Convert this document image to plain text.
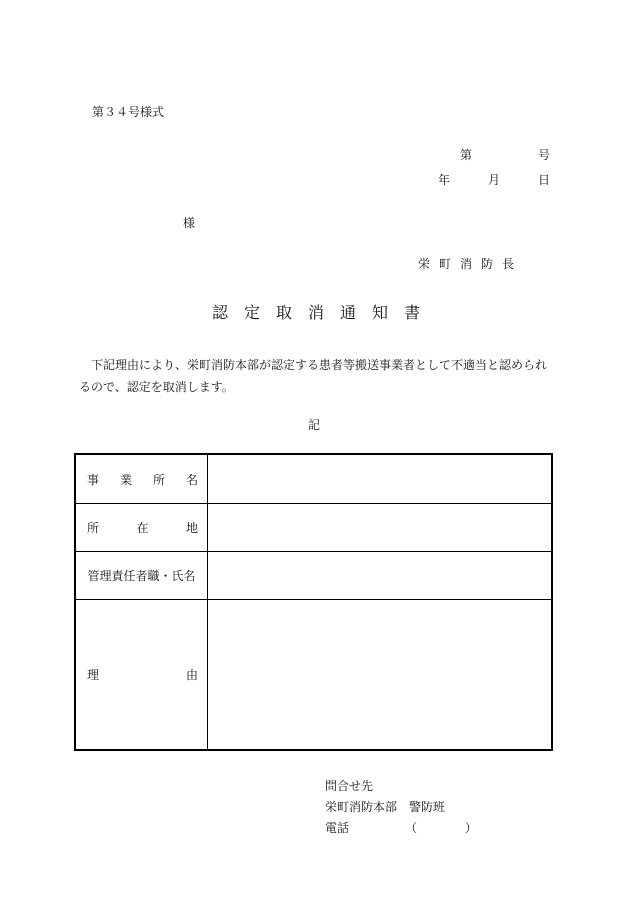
第３４号様式
第	号
年	月	日
様
栄町消防長
認定取消通知書
下記理由により、栄町消防本部が認定する患者等搬送事業者として不適当と認められるので、認定を取消します。
記
事 業 所 名	

所 在 地	

管理責任者職・氏名	

理 由	

問合せ先
栄町消防本部　警防班
電話	（　）
